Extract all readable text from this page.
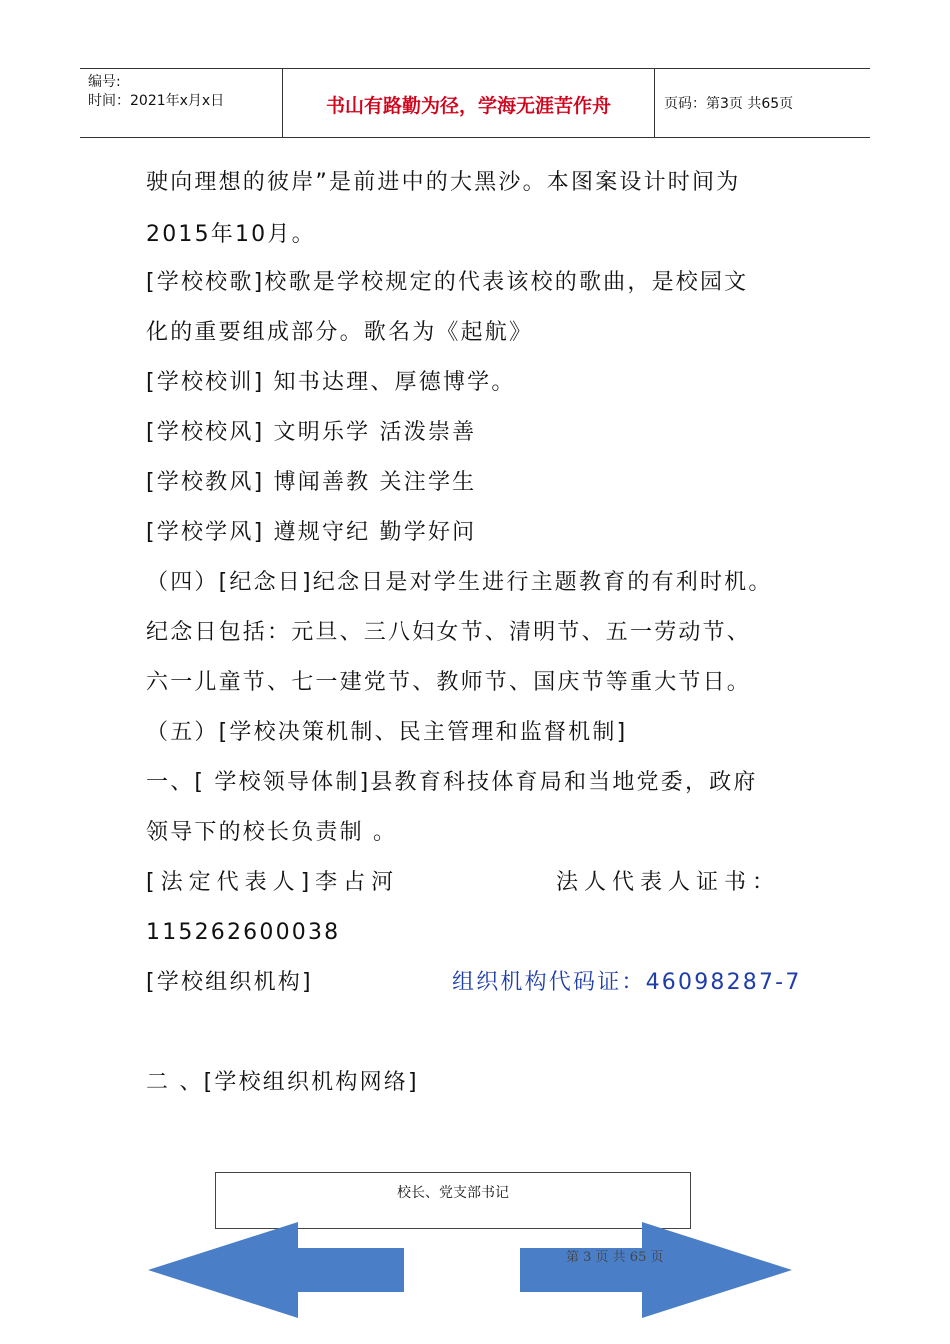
编号:
时间：2021年x月x日	书山有路勤为径，学海无涯苦作舟	页码：第3页 共65页
驶向理想的彼岸”是前进中的大黑沙。本图案设计时间为
2015年10月。
[学校校歌]校歌是学校规定的代表该校的歌曲，是校园文
化的重要组成部分。歌名为《起航》
[学校校训] 知书达理、厚德博学。
[学校校风] 文明乐学 活泼崇善
[学校教风] 博闻善教 关注学生
[学校学风] 遵规守纪 勤学好问
（四）[纪念日]纪念日是对学生进行主题教育的有利时机。
纪念日包括：元旦、三八妇女节、清明节、五一劳动节、
六一儿童节、七一建党节、教师节、国庆节等重大节日。
（五）[学校决策机制、民主管理和监督机制]
一、[ 学校领导体制]县教育科技体育局和当地党委，政府
领导下的校长负责制 。
[法定代表人]李占河	法人代表人证书：
115262600038
[学校组织机构]	组织机构代码证：46098287-7
二 、[学校组织机构网络]
校长、党支部书记
第 3 页 共 65 页
